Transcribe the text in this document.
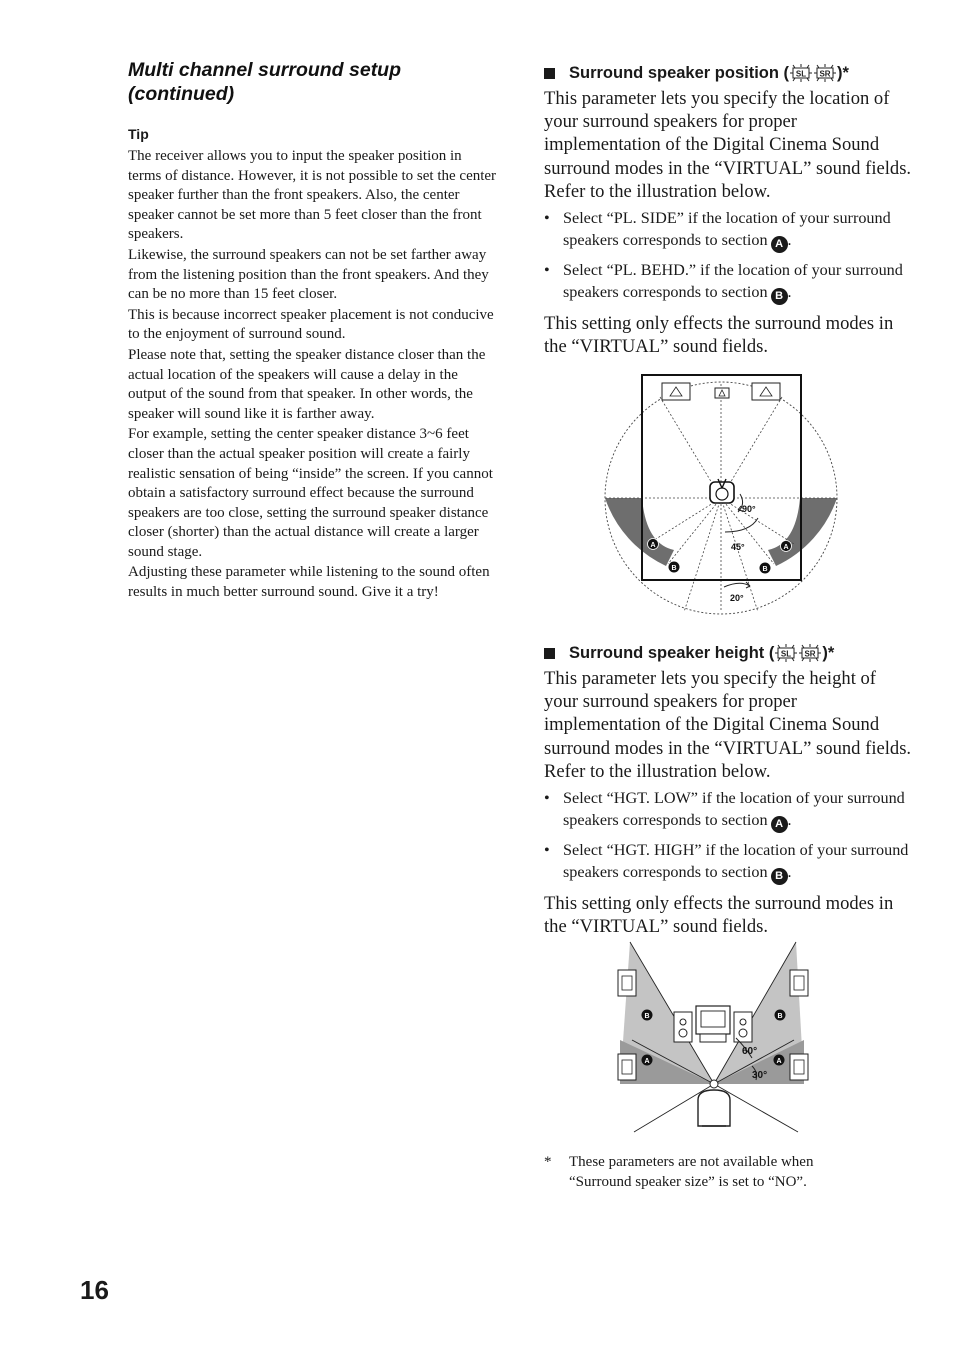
Multi channel surround setup
(continued)
Tip

The receiver allows you to input the speaker position in terms of distance. However, it is not possible to set the center speaker further than the front speakers. Also, the center speaker cannot be set more than 5 feet closer than the front speakers.

Likewise, the surround speakers can not be set farther away from the listening position than the front speakers. And they can be no more than 15 feet closer.

This is because incorrect speaker placement is not conducive to the enjoyment of surround sound.

Please note that, setting the speaker distance closer than the actual location of the speakers will cause a delay in the output of the sound from that speaker. In other words, the speaker will sound like it is farther away.

For example, setting the center speaker distance 3~6 feet closer than the actual speaker position will create a fairly realistic sensation of being “inside” the screen. If you cannot obtain a satisfactory surround effect because the surround speakers are too close, setting the surround speaker distance closer (shorter) than the actual distance will create a larger sound stage.

Adjusting these parameter while listening to the sound often results in much better surround sound. Give it a try!

Surround speaker position ( SL SR )*

This parameter lets you specify the location of your surround speakers for proper implementation of the Digital Cinema Sound surround modes in the “VIRTUAL” sound fields. Refer to the illustration below.

• Select “PL. SIDE” if the location of your surround speakers corresponds to section A .
• Select “PL. BEHD.” if the location of your surround speakers corresponds to section B .

This setting only effects the surround modes in the “VIRTUAL” sound fields.

90°
45°
20°
A	A
B	B
Surround speaker height ( SL SR )*

This parameter lets you specify the height of your surround speakers for proper implementation of the Digital Cinema Sound surround modes in the “VIRTUAL” sound fields. Refer to the illustration below.

• Select “HGT. LOW” if the location of your surround speakers corresponds to section A .
• Select “HGT. HIGH” if the location of your surround speakers corresponds to section B .

This setting only effects the surround modes in the “VIRTUAL” sound fields.

60°
30°
B	B
A	A
* These parameters are not available when “Surround speaker size” is set to “NO”.
16
